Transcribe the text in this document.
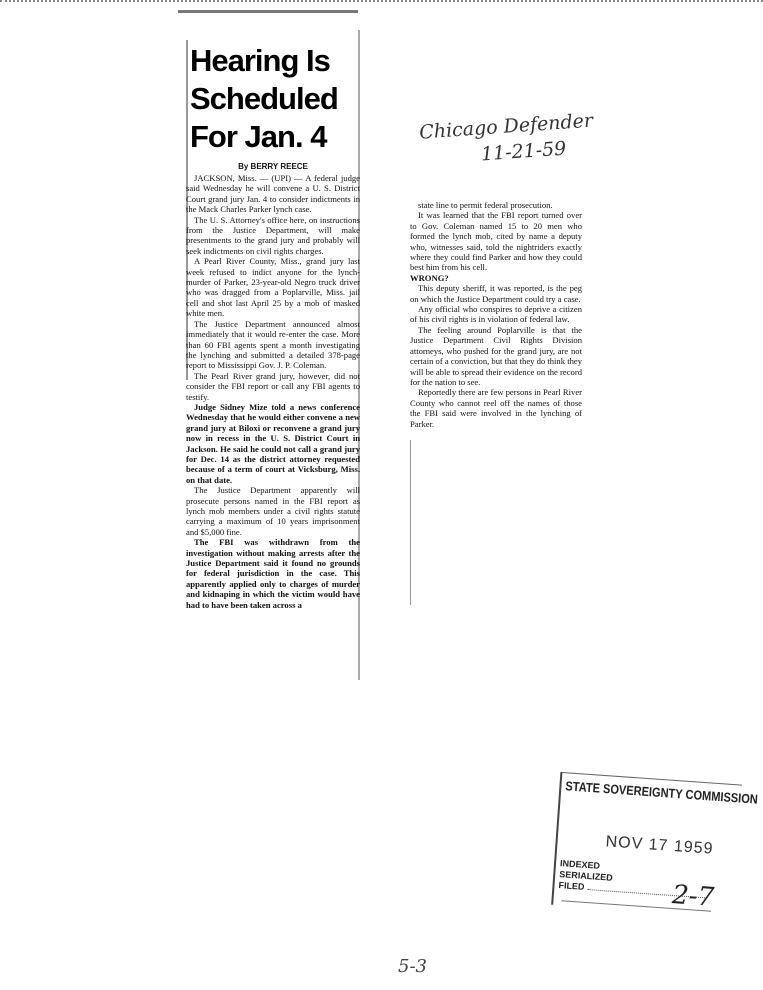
Hearing Is
Scheduled
For Jan. 4
By BERRY REECE

JACKSON, Miss. — (UPI) — A federal judge said Wednesday he will convene a U. S. District Court grand jury Jan. 4 to consider indictments in the Mack Charles Parker lynch case.

The U. S. Attorney's office here, on instructions from the Justice Department, will make presentments to the grand jury and probably will seek indictments on civil rights charges.

A Pearl River County, Miss., grand jury last week refused to indict anyone for the lynch-murder of Parker, 23-year-old Negro truck driver who was dragged from a Poplarville, Miss. jail cell and shot last April 25 by a mob of masked white men.

The Justice Department announced almost immediately that it would re-enter the case. More than 60 FBI agents spent a month investigating the lynching and submitted a detailed 378-page report to Mississippi Gov. J. P. Coleman.

The Pearl River grand jury, however, did not consider the FBI report or call any FBI agents to testify.

Judge Sidney Mize told a news conference Wednesday that he would either convene a new grand jury at Biloxi or reconvene a grand jury now in recess in the U. S. District Court in Jackson. He said he could not call a grand jury for Dec. 14 as the district attorney requested because of a term of court at Vicksburg, Miss. on that date.

The Justice Department apparently will prosecute persons named in the FBI report as lynch mob members under a civil rights statute carrying a maximum of 10 years imprisonment and $5,000 fine.

The FBI was withdrawn from the investigation without making arrests after the Justice Department said it found no grounds for federal jurisdiction in the case. This apparently applied only to charges of murder and kidnaping in which the victim would have had to have been taken across a

Chicago Defender
11-21-59

state line to permit federal prosecution.

It was learned that the FBI report turned over to Gov. Coleman named 15 to 20 men who formed the lynch mob, cited by name a deputy who, witnesses said, told the nightriders exactly where they could find Parker and how they could best him from his cell.

WRONG?

This deputy sheriff, it was reported, is the peg on which the Justice Department could try a case.

Any official who conspires to deprive a citizen of his civil rights is in violation of federal law.

The feeling around Poplarville is that the Justice Department Civil Rights Division attorneys, who pushed for the grand jury, are not certain of a conviction, but that they do think they will be able to spread their evidence on the record for the nation to see.

Reportedly there are few persons in Pearl River County who cannot reel off the names of those the FBI said were involved in the lynching of Parker.

STATE SOVEREIGNTY COMMISSION
NOV 17 1959
INDEXED
SERIALIZED
FILED	2-7
5-3
